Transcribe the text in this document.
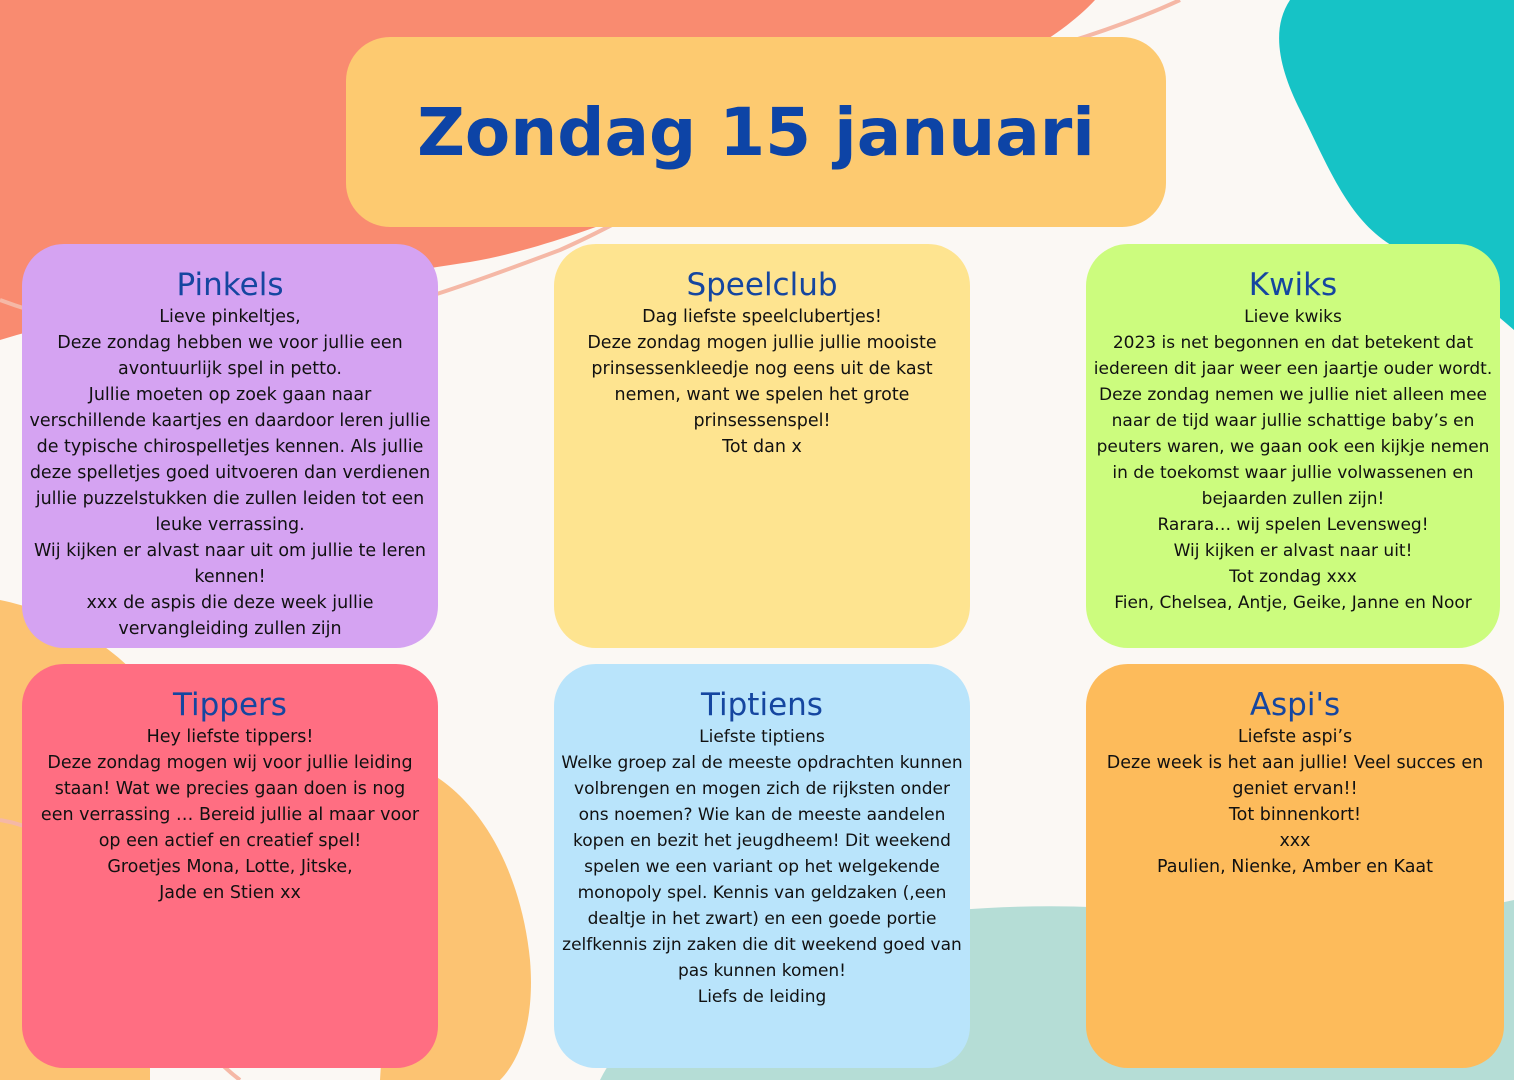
Zondag 15 januari
Pinkels
Lieve pinkeltjes,
Deze zondag hebben we voor jullie een avontuurlijk spel in petto.
Jullie moeten op zoek gaan naar verschillende kaartjes en daardoor leren jullie de typische chirospelletjes kennen. Als jullie deze spelletjes goed uitvoeren dan verdienen jullie puzzelstukken die zullen leiden tot een leuke verrassing.
Wij kijken er alvast naar uit om jullie te leren kennen!
xxx de aspis die deze week jullie vervangleiding zullen zijn
Speelclub
Dag liefste speelclubertjes!
Deze zondag mogen jullie jullie mooiste prinsessenkleedje nog eens uit de kast nemen, want we spelen het grote prinsessenspel!
Tot dan x
Kwiks
Lieve kwiks
2023 is net begonnen en dat betekent dat iedereen dit jaar weer een jaartje ouder wordt. Deze zondag nemen we jullie niet alleen mee naar de tijd waar jullie schattige baby’s en peuters waren, we gaan ook een kijkje nemen in de toekomst waar jullie volwassenen en bejaarden zullen zijn!
Rarara… wij spelen Levensweg!
Wij kijken er alvast naar uit!
Tot zondag xxx
Fien, Chelsea, Antje, Geike, Janne en Noor
Tippers
Hey liefste tippers!
Deze zondag mogen wij voor jullie leiding staan! Wat we precies gaan doen is nog een verrassing … Bereid jullie al maar voor op een actief en creatief spel!
Groetjes Mona, Lotte, Jitske, Jade en Stien xx
Tiptiens
Liefste tiptiens
Welke groep zal de meeste opdrachten kunnen volbrengen en mogen zich de rijksten onder ons noemen? Wie kan de meeste aandelen kopen en bezit het jeugdheem! Dit weekend spelen we een variant op het welgekende monopoly spel. Kennis van geldzaken (,een dealtje in het zwart) en een goede portie zelfkennis zijn zaken die dit weekend goed van pas kunnen komen!
Liefs de leiding
Aspi's
Liefste aspi’s
Deze week is het aan jullie! Veel succes en geniet ervan!!
Tot binnenkort!
xxx
Paulien, Nienke, Amber en Kaat
